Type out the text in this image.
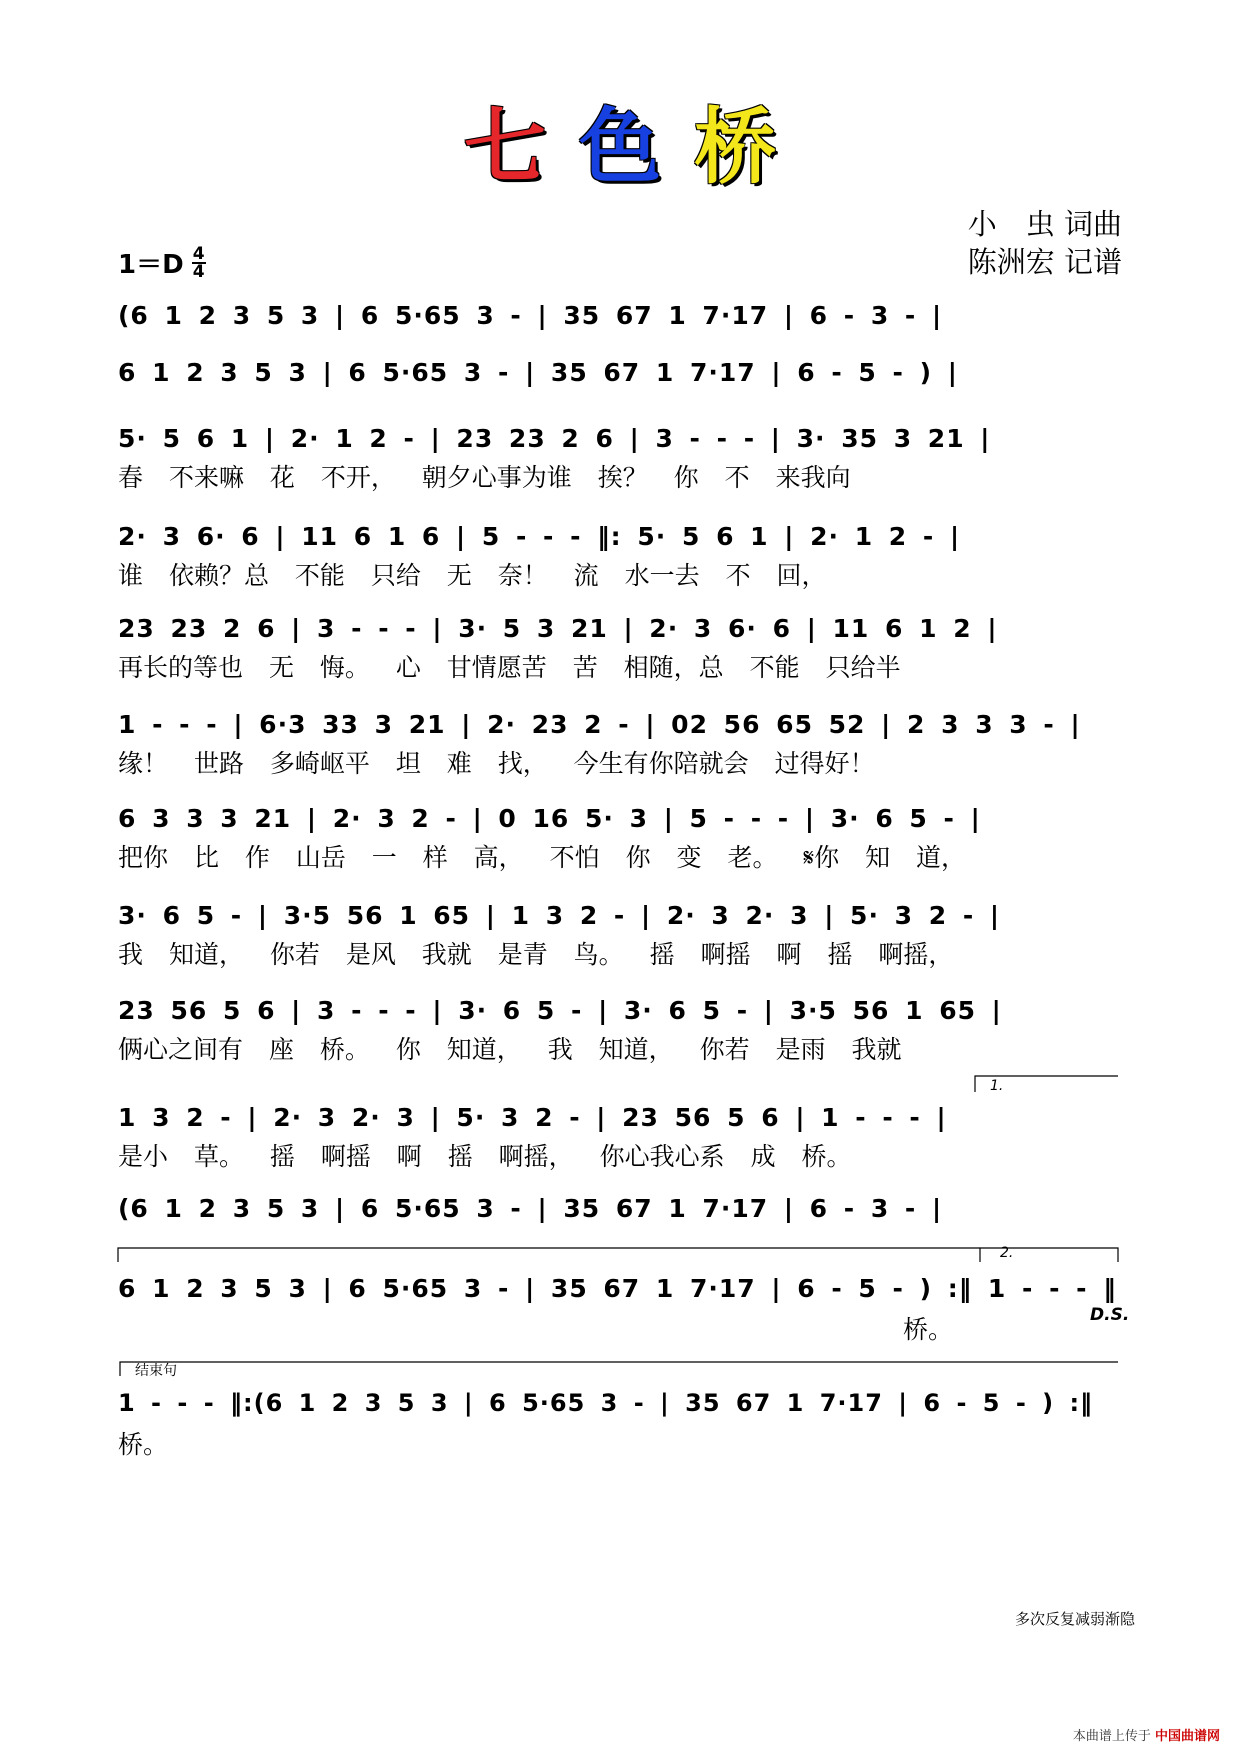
七 色 桥
小　虫 词曲
陈洲宏 记谱
1＝D 4
4
(6 1 2 3 5 3 | 6 5·65 3 - | 35 67 1 7·17 | 6 - 3 - |
6 1 2 3 5 3 | 6 5·65 3 - | 35 67 1 7·17 | 6 - 5 - ) |
5· 5 6 1 | 2· 1 2 - | 23 23 2 6 | 3 - - - | 3· 35 3 21 |
春 不来嘛 花 不开， 朝夕心事为谁 挨？ 你 不 来我向
2· 3 6· 6 | 11 6 1 6 | 5 - - - ‖: 5· 5 6 1 | 2· 1 2 - |
谁 依赖？总 不能 只给 无 奈！ 流 水一去 不 回，
23 23 2 6 | 3 - - - | 3· 5 3 21 | 2· 3 6· 6 | 11 6 1 2 |
再长的等也 无 悔。 心 甘情愿苦 苦 相随，总 不能 只给半
1 - - - | 6·3 33 3 21 | 2· 23 2 - | 02 56 65 52 | 2 3 3 3 - |
缘！ 世路 多崎岖平 坦 难 找， 今生有你陪就会 过得好！
6 3 3 3 21 | 2· 3 2 - | 0 16 5· 3 | 5 - - - | 3· 6 5 - |
把你 比 作 山岳 一 样 高， 不怕 你 变 老。 𝄋你 知 道，
3· 6 5 - | 3·5 56 1 65 | 1 3 2 - | 2· 3 2· 3 | 5· 3 2 - |
我 知道， 你若 是风 我就 是青 鸟。 摇 啊摇 啊 摇 啊摇，
23 56 5 6 | 3 - - - | 3· 6 5 - | 3· 6 5 - | 3·5 56 1 65 |
俩心之间有 座 桥。 你 知道， 我 知道， 你若 是雨 我就
1 3 2 - | 2· 3 2· 3 | 5· 3 2 - | 23 56 5 6 | 1 - - - |
是小 草。 摇 啊摇 啊 摇 啊摇， 你心我心系 成 桥。
(6 1 2 3 5 3 | 6 5·65 3 - | 35 67 1 7·17 | 6 - 3 - |
6 1 2 3 5 3 | 6 5·65 3 - | 35 67 1 7·17 | 6 - 5 - ) :‖ 1 - - - ‖
桥。
1 - - - ‖:(6 1 2 3 5 3 | 6 5·65 3 - | 35 67 1 7·17 | 6 - 5 - ) :‖
桥。
1.
2.
D.S.
结束句
多次反复减弱渐隐
本曲谱上传于 中国曲谱网
